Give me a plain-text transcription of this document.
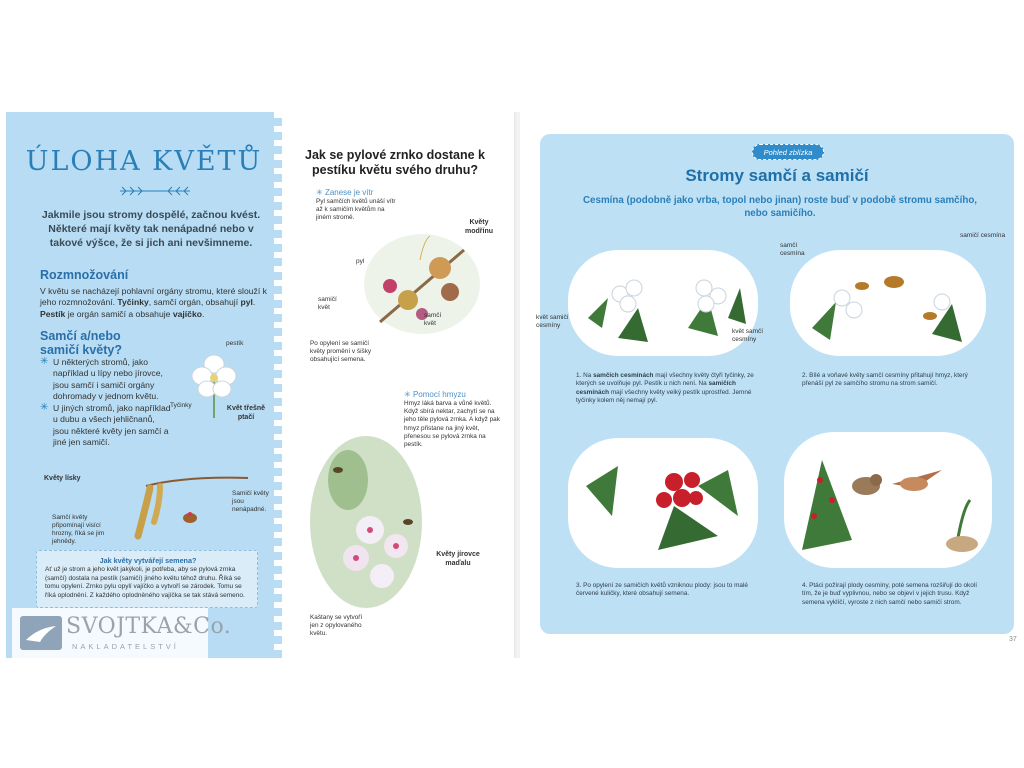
ÚLOHA KVĚTŮ
Jakmile jsou stromy dospělé, začnou kvést. Některé mají květy tak nenápadné nebo v takové výšce, že si jich ani nevšimneme.
Rozmnožování
V květu se nacházejí pohlavní orgány stromu, které slouží k jeho rozmnožování. Tyčinky, samčí orgán, obsahují pyl. Pestík je orgán samičí a obsahuje vajíčko.
Samčí a/nebo samičí květy?
✳ U některých stromů, jako například u lípy nebo jírovce, jsou samčí i samičí orgány dohromady v jednom květu.
✳ U jiných stromů, jako například u dubu a všech jehličnanů, jsou některé květy jen samčí a jiné jen samičí.
pestík
Tyčinky	Květ třešně ptačí
Květy lísky
Samičí květy jsou nenápadné.
Samčí květy připomínají visící hrozny, říká se jim jehnědy.
Jak květy vytvářejí semena?
Ať už je strom a jeho květ jakýkoli, je potřeba, aby se pylová zrnka (samčí) dostala na pestík (samičí) jiného květu téhož druhu. Říká se tomu opylení. Zrnko pylu opylí vajíčko a vytvoří se zárodek. Tomu se říká oplodnění. Z každého oplodněného vajíčka se tak stává semeno.
SVOJTKA&Co.
NAKLADATELSTVÍ
Jak se pylové zrnko dostane k pestíku květu svého druhu?
✳ Zanese je vítr
Pyl samčích květů unáší vítr až k samičím květům na jiném stromě.
Květy modřínu
pyl
samičí květ
samčí květ
Po opylení se samičí květy promění v šišky obsahující semena.
✳ Pomocí hmyzu
Hmyz láká barva a vůně květů. Když sbírá nektar, zachytí se na jeho těle pylová zrnka. A když pak hmyz přistane na jiný květ, přenesou se pylová zrnka na pestík.
Květy jírovce maďalu
Kaštany se vytvoří jen z opylovaného květu.
Pohled zblízka
Stromy samčí a samičí
Cesmína (podobně jako vrba, topol nebo jinan) roste buď v podobě stromu samčího, nebo samičího.
květ samičí cesmíny
květ samčí cesmíny
samčí cesmína
samičí cesmína
1. Na samčích cesmínách mají všechny květy čtyři tyčinky, ze kterých se uvolňuje pyl. Pestík u nich není. Na samičích cesmínách mají všechny květy velký pestík uprostřed. Jemné tyčinky kolem něj nemají pyl.
2. Bílé a voňavé květy samčí cesmíny přitahují hmyz, který přenáší pyl ze samčího stromu na strom samičí.
3. Po opylení ze samičích květů vzniknou plody: jsou to malé červené kuličky, které obsahují semena.
4. Ptáci požírají plody cesmíny, poté semena rozšiřují do okolí tím, že je buď vyplivnou, nebo se objeví v jejich trusu. Když semena vyklíčí, vyroste z nich samčí nebo samičí strom.
37
